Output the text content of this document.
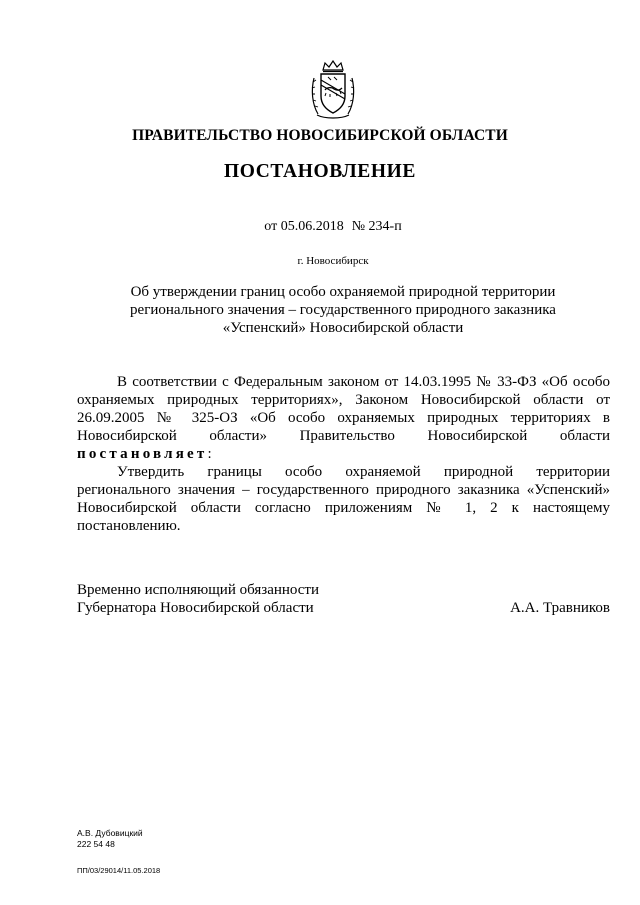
ПРАВИТЕЛЬСТВО НОВОСИБИРСКОЙ ОБЛАСТИ
ПОСТАНОВЛЕНИЕ
от 05.06.2018 № 234-п
г. Новосибирск
Об утверждении границ особо охраняемой природной территории
регионального значения – государственного природного заказника
«Успенский» Новосибирской области

В соответствии с Федеральным законом от 14.03.1995 № 33-ФЗ «Об особо охраняемых природных территориях», Законом Новосибирской области от 26.09.2005 № 325-ОЗ «Об особо охраняемых природных территориях в Новосибирской области» Правительство Новосибирской области постановляет:

Утвердить границы особо охраняемой природной территории регионального значения – государственного природного заказника «Успенский» Новосибирской области согласно приложениям № 1, 2 к настоящему постановлению.

Временно исполняющий обязанности
Губернатора Новосибирской области	А.А. Травников
А.В. Дубовицкий
222 54 48
ПП/03/29014/11.05.2018
